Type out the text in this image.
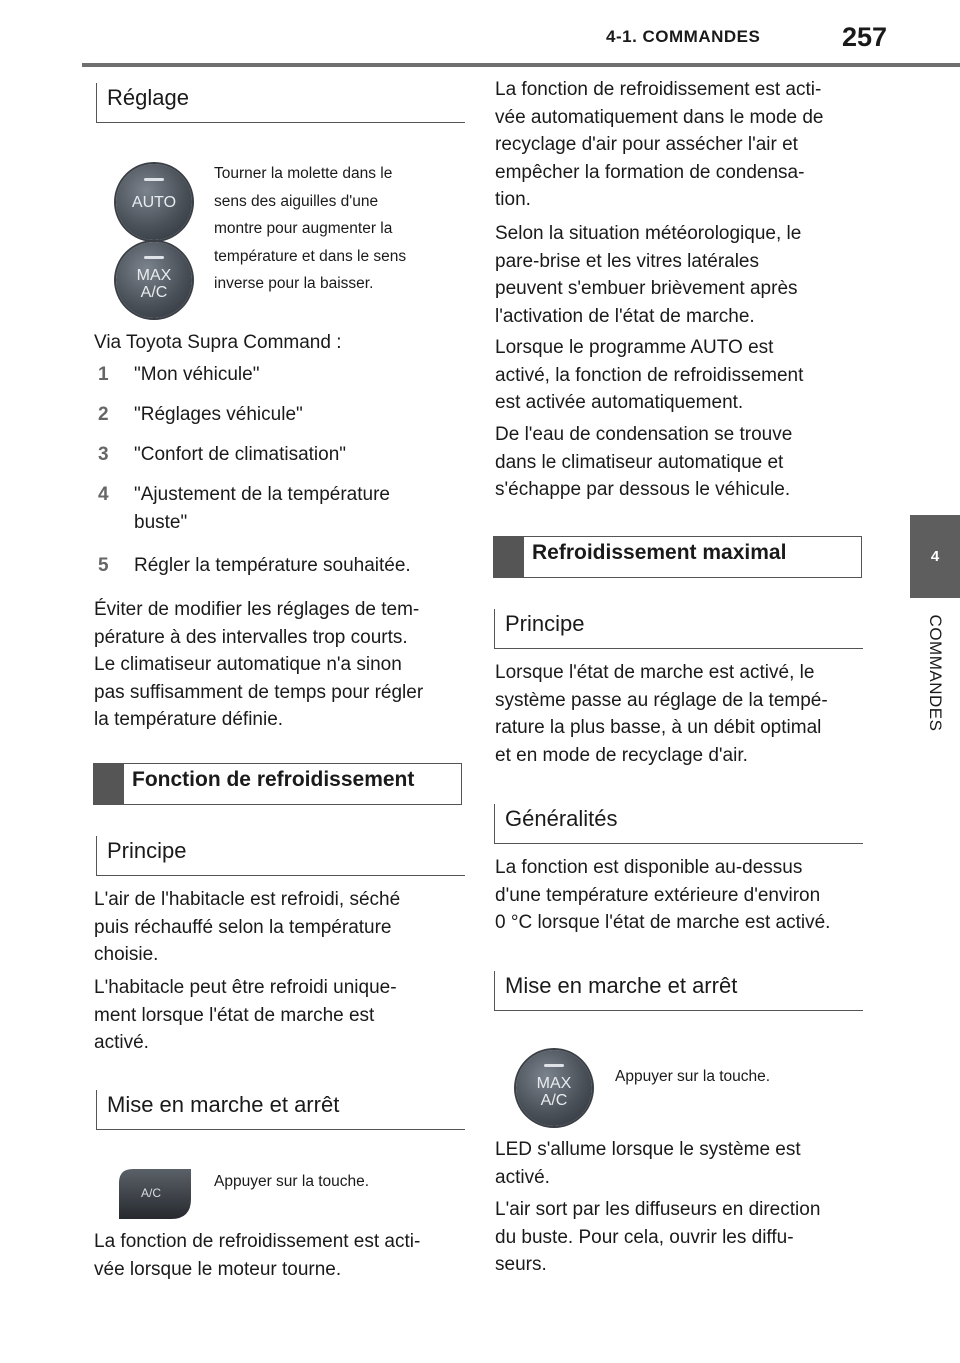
4-1. COMMANDES	257
4
COMMANDES
Réglage
AUTO
MAX
A/C
Tourner la molette dans le
sens des aiguilles d'une
montre pour augmenter la
température et dans le sens
inverse pour la baisser.
Via Toyota Supra Command :
1 "Mon véhicule"
2 "Réglages véhicule"
3 "Confort de climatisation"
4 "Ajustement de la température
buste"
5 Régler la température souhaitée.
Éviter de modifier les réglages de tem-
pérature à des intervalles trop courts.
Le climatiseur automatique n'a sinon
pas suffisamment de temps pour régler
la température définie.
Fonction de refroidissement
Principe
L'air de l'habitacle est refroidi, séché
puis réchauffé selon la température
choisie.
L'habitacle peut être refroidi unique-
ment lorsque l'état de marche est
activé.
Mise en marche et arrêt
A/C
Appuyer sur la touche.
La fonction de refroidissement est acti-
vée lorsque le moteur tourne.
La fonction de refroidissement est acti-
vée automatiquement dans le mode de
recyclage d'air pour assécher l'air et
empêcher la formation de condensa-
tion.
Selon la situation météorologique, le
pare-brise et les vitres latérales
peuvent s'embuer brièvement après
l'activation de l'état de marche.
Lorsque le programme AUTO est
activé, la fonction de refroidissement
est activée automatiquement.
De l'eau de condensation se trouve
dans le climatiseur automatique et
s'échappe par dessous le véhicule.
Refroidissement maximal
Principe
Lorsque l'état de marche est activé, le
système passe au réglage de la tempé-
rature la plus basse, à un débit optimal
et en mode de recyclage d'air.
Généralités
La fonction est disponible au-dessus
d'une température extérieure d'environ
0 °C lorsque l'état de marche est activé.
Mise en marche et arrêt
MAX
A/C
Appuyer sur la touche.
LED s'allume lorsque le système est
activé.
L'air sort par les diffuseurs en direction
du buste. Pour cela, ouvrir les diffu-
seurs.
